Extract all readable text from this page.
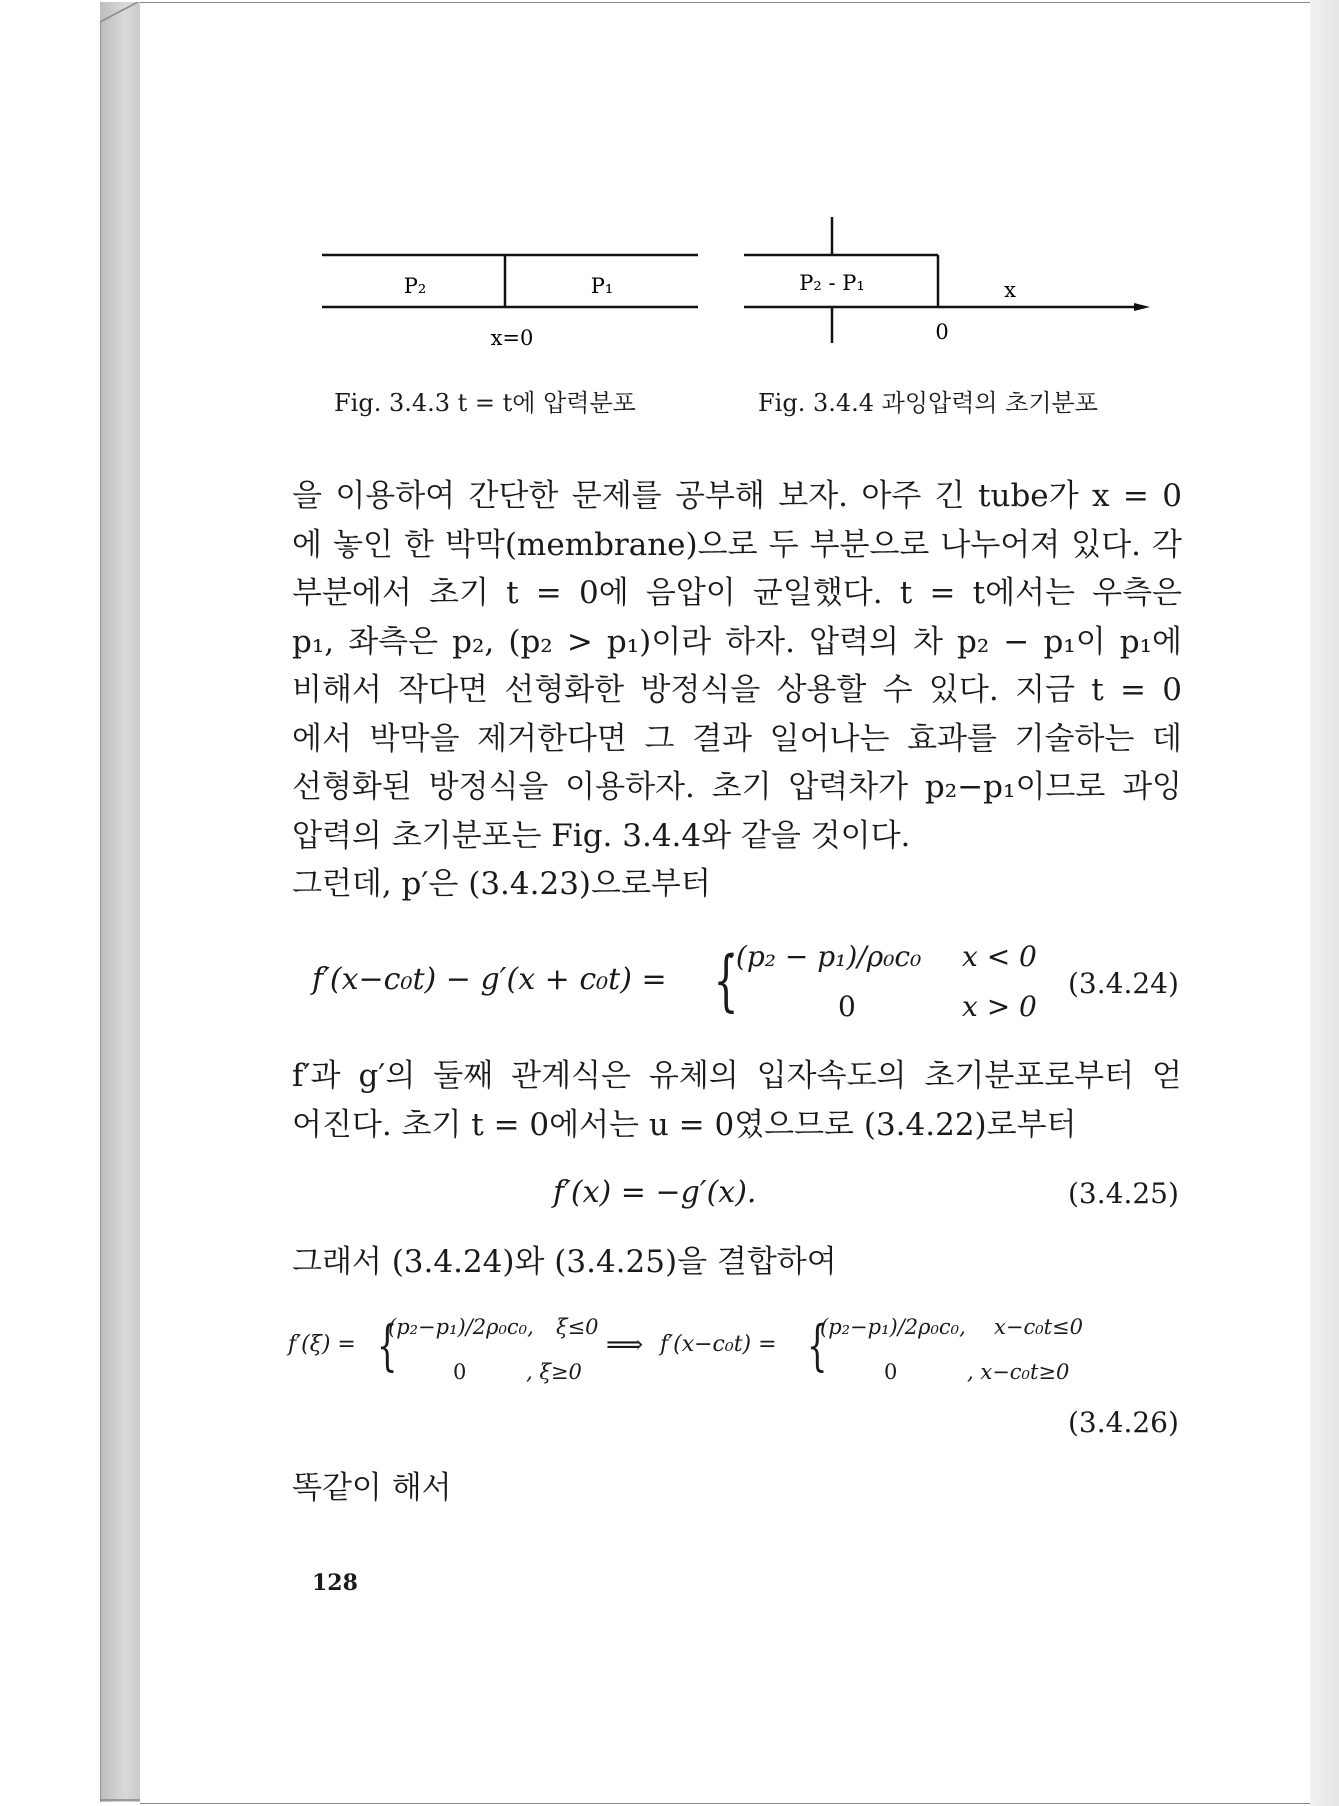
P₂	P₁
x=0
P₂ - P₁	x
0
Fig. 3.4.3 t = t에 압력분포	Fig. 3.4.4 과잉압력의 초기분포
을 이용하여 간단한 문제를 공부해 보자. 아주 긴 tube가 x = 0
에 놓인 한 박막(membrane)으로 두 부분으로 나누어져 있다. 각
부분에서 초기 t = 0에 음압이 균일했다. t = t에서는 우측은
p₁, 좌측은 p₂, (p₂ > p₁)이라 하자. 압력의 차 p₂ − p₁이 p₁에
비해서 작다면 선형화한 방정식을 상용할 수 있다. 지금 t = 0
에서 박막을 제거한다면 그 결과 일어나는 효과를 기술하는 데
선형화된 방정식을 이용하자. 초기 압력차가 p₂−p₁이므로 과잉
압력의 초기분포는 Fig. 3.4.4와 같을 것이다.
그런데, p′은 (3.4.23)으로부터
f′(x−c₀t) − g′(x + c₀t) = {
·(p₂ − p₁)/ρ₀c₀ x < 0
0	x > 0
(3.4.24)
f′과 g′의 둘째 관계식은 유체의 입자속도의 초기분포로부터 얻
어진다. 초기 t = 0에서는 u = 0였으므로 (3.4.22)로부터
f′(x) = −g′(x).	(3.4.25)
그래서 (3.4.24)와 (3.4.25)을 결합하여
f′(ξ) = {
(p₂−p₁)/2ρ₀c₀, ξ≤0
0	, ξ≥0
⟹ f′(x−c₀t) = {
(p₂−p₁)/2ρ₀c₀, x−c₀t≤0
0	, x−c₀t≥0
(3.4.26)
똑같이 해서
128
